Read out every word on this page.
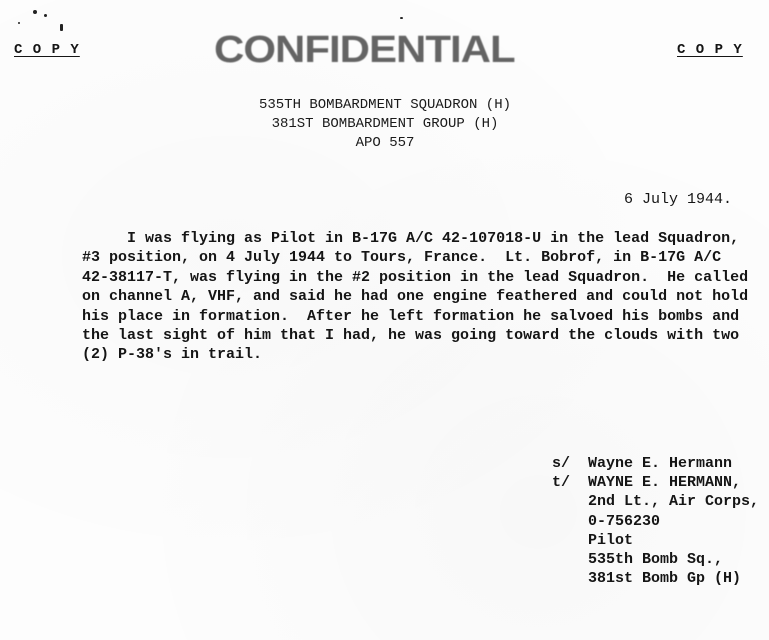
C O P Y	C O P Y
CONFIDENTIAL
535TH BOMBARDMENT SQUADRON (H)
381ST BOMBARDMENT GROUP (H)
APO 557
6 July 1944.
I was flying as Pilot in B-17G A/C 42-107018-U in the lead Squadron,
#3 position, on 4 July 1944 to Tours, France.  Lt. Bobrof, in B-17G A/C
42-38117-T, was flying in the #2 position in the lead Squadron.  He called
on channel A, VHF, and said he had one engine feathered and could not hold
his place in formation.  After he left formation he salvoed his bombs and
the last sight of him that I had, he was going toward the clouds with two
(2) P-38's in trail.
s/	Wayne E. Hermann
t/	WAYNE E. HERMANN,
2nd Lt., Air Corps,
0-756230
Pilot
535th Bomb Sq.,
381st Bomb Gp (H)
